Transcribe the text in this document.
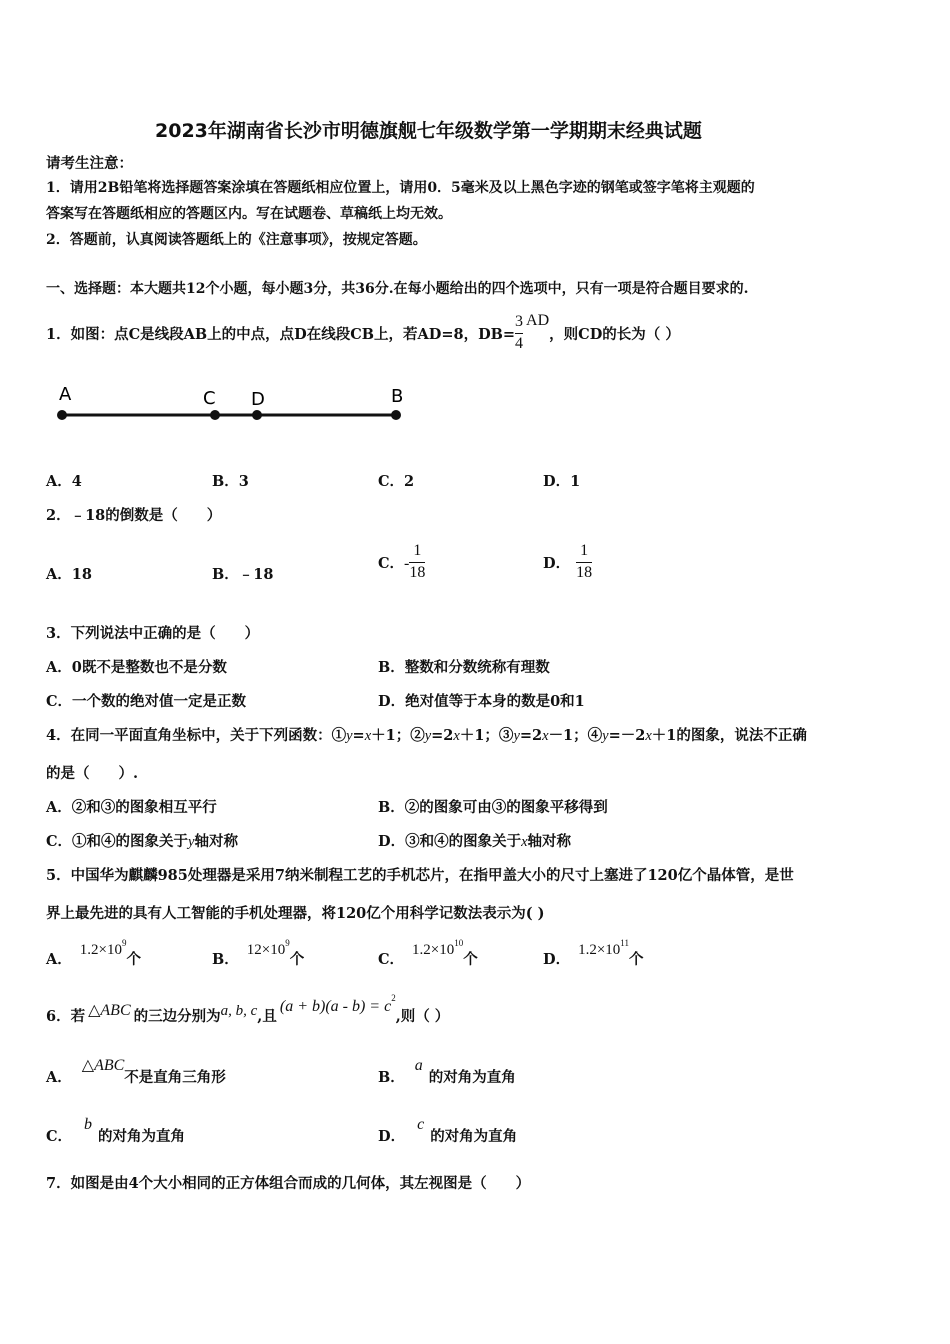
2023年湖南省长沙市明德旗舰七年级数学第一学期期末经典试题
请考生注意：
1．请用2B铅笔将选择题答案涂填在答题纸相应位置上，请用0．5毫米及以上黑色字迹的钢笔或签字笔将主观题的
答案写在答题纸相应的答题区内。写在试题卷、草稿纸上均无效。
2．答题前，认真阅读答题纸上的《注意事项》，按规定答题。
一、选择题：本大题共12个小题，每小题3分，共36分.在每小题给出的四个选项中，只有一项是符合题目要求的.
1．如图：点C是线段AB上的中点，点D在线段CB上，若AD=8，$DB= \frac{3}{4}$ AD
，则CD的长为（ ）
A	C D	B
A．4	B．3	C．2	D．1
2．﹣18的倒数是（　　）
A．18	B．﹣18
C． - $\frac{1}{18}$	D． $\frac{1}{18}$
3．下列说法中正确的是（　　）
A．0既不是整数也不是分数	B．整数和分数统称有理数
C．一个数的绝对值一定是正数	D．绝对值等于本身的数是0和1
4．在同一平面直角坐标中，关于下列函数：①y=x＋1；②y=2x＋1；③y=2x－1；④y=－2x＋1的图象，说法不正确
的是（　　）.
A．②和③的图象相互平行	B．②的图象可由③的图象平移得到
C．①和④的图象关于y轴对称	D．③和④的图象关于x轴对称
5．中国华为麒麟985处理器是采用7纳米制程工艺的手机芯片，在指甲盖大小的尺寸上塞进了120亿个晶体管，是世
界上最先进的具有人工智能的手机处理器，将120亿个用科学记数法表示为( )
A．$1.2\times 10^9$个	B．$12\times 10^9$个	C．$1.2\times 10^{10}$个	D．$1.2\times 10^{11}$个
6．若 △ABC 的三边分别为a, b, c,且$(a + b)(a - b) = c^2$,则（ ）
A．△ABC不是直角三角形	B．a的对角为直角
C．b的对角为直角	D．c的对角为直角
7．如图是由4个大小相同的正方体组合而成的几何体，其左视图是（　　）
